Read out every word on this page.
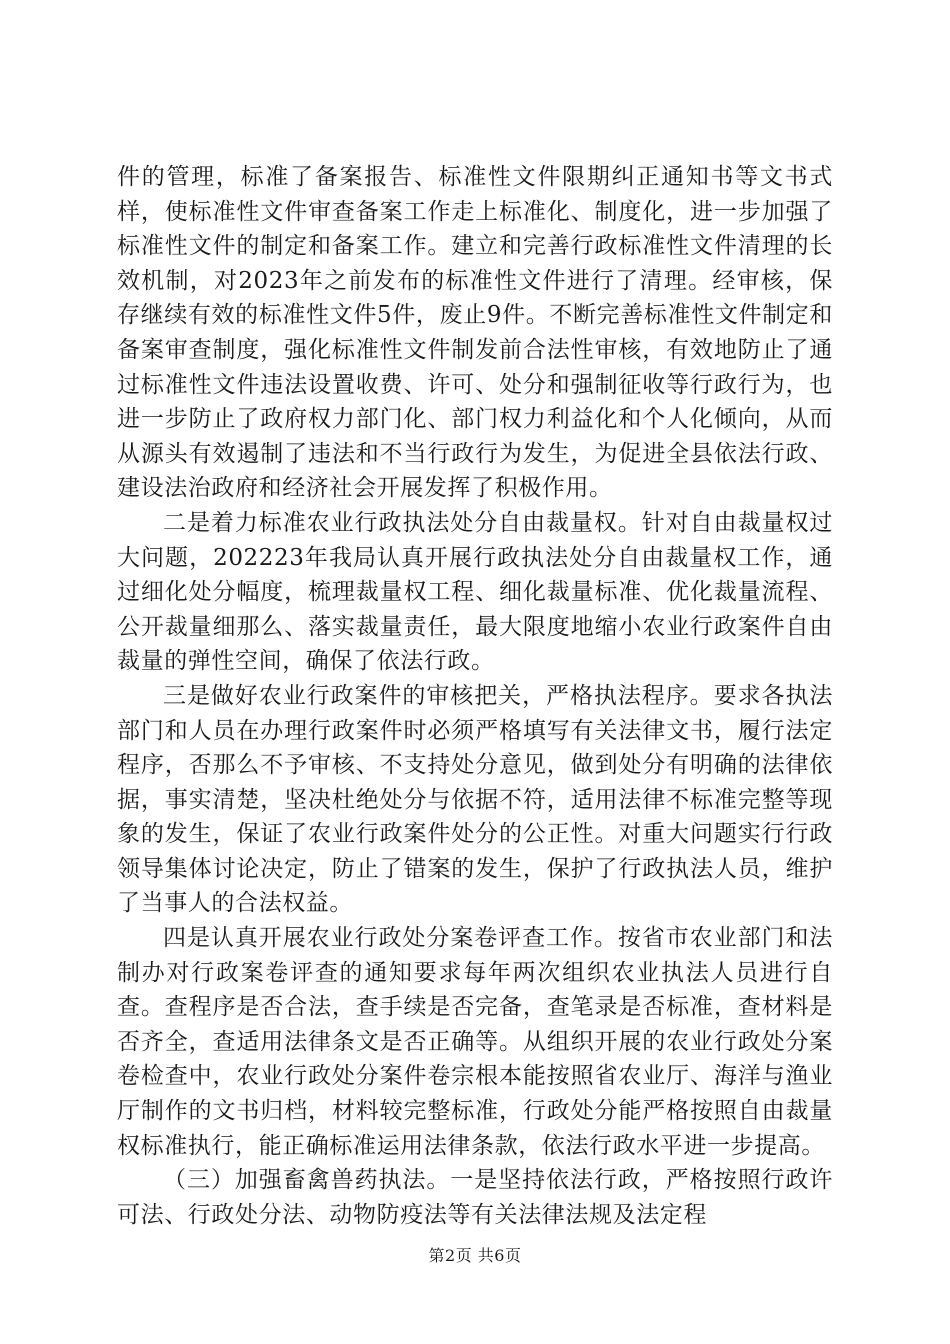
件的管理，标准了备案报告、标准性文件限期纠正通知书等文书式样，使标准性文件审查备案工作走上标准化、制度化，进一步加强了标准性文件的制定和备案工作。建立和完善行政标准性文件清理的长效机制，对2023年之前发布的标准性文件进行了清理。经审核，保存继续有效的标准性文件5件，废止9件。不断完善标准性文件制定和备案审查制度，强化标准性文件制发前合法性审核，有效地防止了通过标准性文件违法设置收费、许可、处分和强制征收等行政行为，也进一步防止了政府权力部门化、部门权力利益化和个人化倾向，从而从源头有效遏制了违法和不当行政行为发生，为促进全县依法行政、建设法治政府和经济社会开展发挥了积极作用。

二是着力标准农业行政执法处分自由裁量权。针对自由裁量权过大问题，202223年我局认真开展行政执法处分自由裁量权工作，通过细化处分幅度，梳理裁量权工程、细化裁量标准、优化裁量流程、公开裁量细那么、落实裁量责任，最大限度地缩小农业行政案件自由裁量的弹性空间，确保了依法行政。

三是做好农业行政案件的审核把关，严格执法程序。要求各执法部门和人员在办理行政案件时必须严格填写有关法律文书，履行法定程序，否那么不予审核、不支持处分意见，做到处分有明确的法律依据，事实清楚，坚决杜绝处分与依据不符，适用法律不标准完整等现象的发生，保证了农业行政案件处分的公正性。对重大问题实行行政领导集体讨论决定，防止了错案的发生，保护了行政执法人员，维护了当事人的合法权益。

四是认真开展农业行政处分案卷评查工作。按省市农业部门和法制办对行政案卷评查的通知要求每年两次组织农业执法人员进行自查。查程序是否合法，查手续是否完备，查笔录是否标准，查材料是否齐全，查适用法律条文是否正确等。从组织开展的农业行政处分案卷检查中，农业行政处分案件卷宗根本能按照省农业厅、海洋与渔业厅制作的文书归档，材料较完整标准，行政处分能严格按照自由裁量权标准执行，能正确标准运用法律条款，依法行政水平进一步提高。

（三）加强畜禽兽药执法。一是坚持依法行政，严格按照行政许可法、行政处分法、动物防疫法等有关法律法规及法定程

第2页 共6页
